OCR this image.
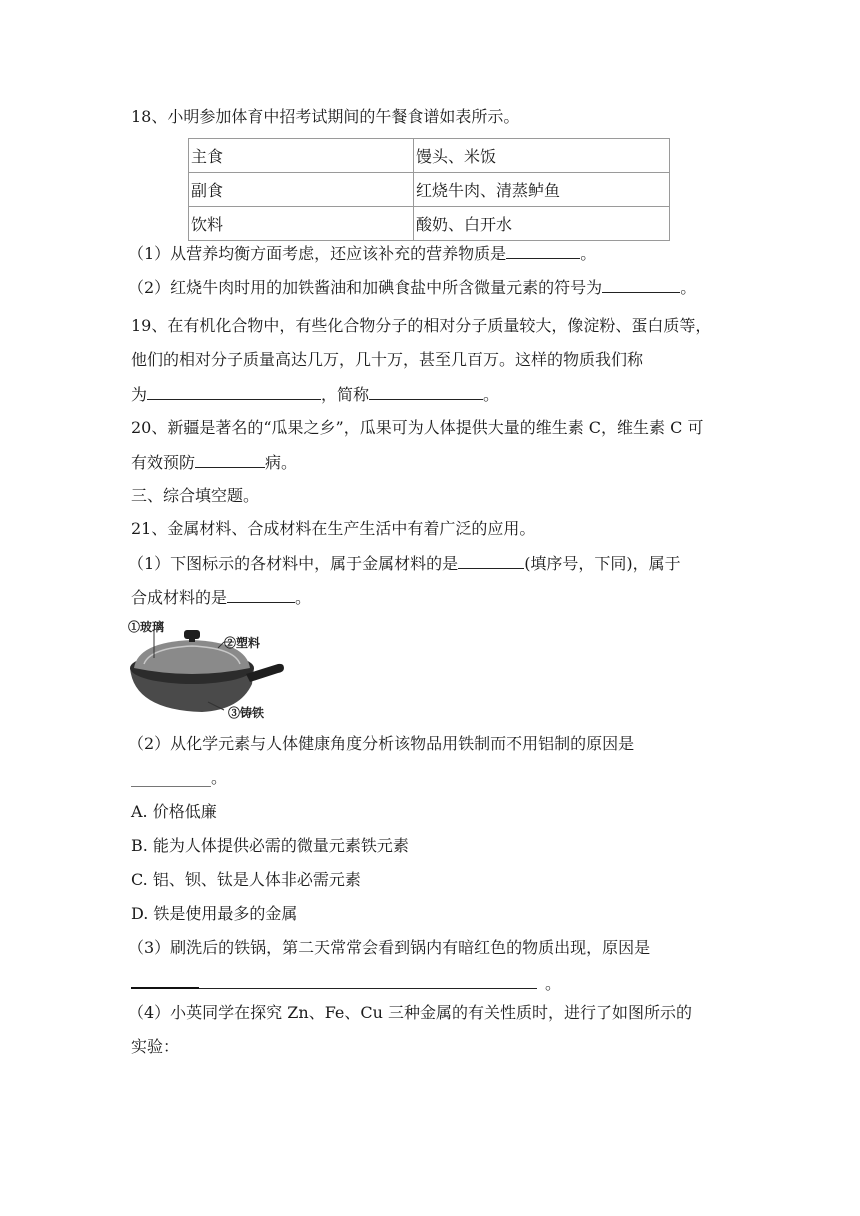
18、小明参加体育中招考试期间的午餐食谱如表所示。
主食	馒头、米饭
副食	红烧牛肉、清蒸鲈鱼
饮料	酸奶、白开水
（1）从营养均衡方面考虑，还应该补充的营养物质是	。
（2）红烧牛肉时用的加铁酱油和加碘食盐中所含微量元素的符号为	。
19、在有机化合物中，有些化合物分子的相对分子质量较大，像淀粉、蛋白质等，
他们的相对分子质量高达几万，几十万，甚至几百万。这样的物质我们称
为	，简称	。
20、新疆是著名的“瓜果之乡”，瓜果可为人体提供大量的维生素 C，维生素 C 可
有效预防	病。
三、综合填空题。
21、金属材料、合成材料在生产生活中有着广泛的应用。
（1）下图标示的各材料中，属于金属材料的是	(填序号，下同)，属于
合成材料的是	。
①玻璃
②塑料
③铸铁
（2）从化学元素与人体健康角度分析该物品用铁制而不用铝制的原因是
__________。
A. 价格低廉
B. 能为人体提供必需的微量元素铁元素
C. 铝、钡、钛是人体非必需元素
D. 铁是使用最多的金属
（3）刷洗后的铁锅，第二天常常会看到锅内有暗红色的物质出现，原因是
。
（4）小英同学在探究 Zn、Fe、Cu 三种金属的有关性质时，进行了如图所示的
实验：
